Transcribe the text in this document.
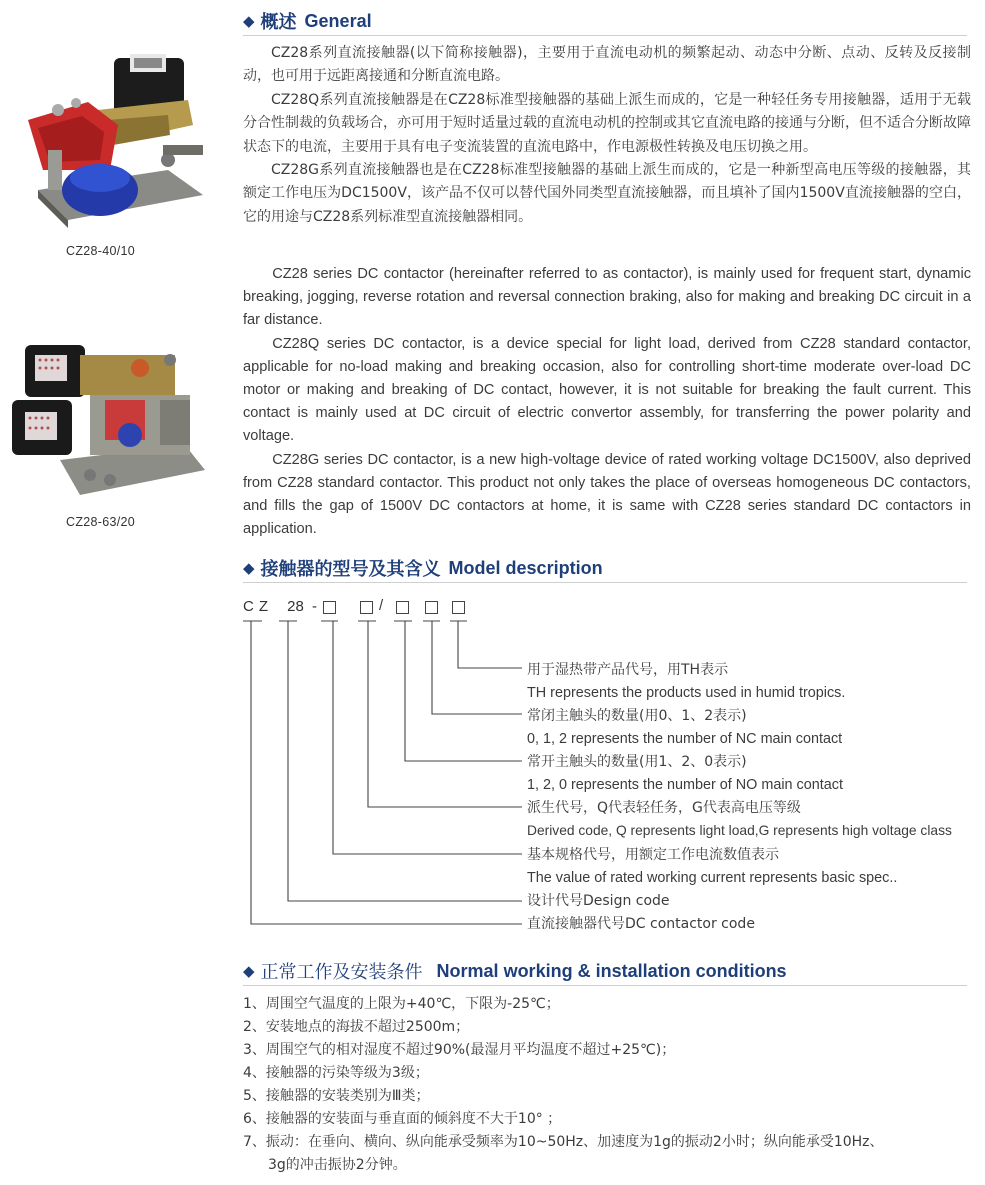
CZ28-40/10
CZ28-63/20
◆ 概述 General

CZ28系列直流接触器(以下简称接触器)，主要用于直流电动机的频繁起动、动态中分断、点动、反转及反接制动，也可用于远距离接通和分断直流电路。

CZ28Q系列直流接触器是在CZ28标准型接触器的基础上派生而成的，它是一种轻任务专用接触器，适用于无载分合性制裁的负载场合，亦可用于短时适量过载的直流电动机的控制或其它直流电路的接通与分断，但不适合分断故障状态下的电流，主要用于具有电子变流装置的直流电路中，作电源极性转换及电压切换之用。

CZ28G系列直流接触器也是在CZ28标准型接触器的基础上派生而成的，它是一种新型高电压等级的接触器，其额定工作电压为DC1500V，该产品不仅可以替代国外同类型直流接触器，而且填补了国内1500V直流接触器的空白，它的用途与CZ28系列标准型直流接触器相同。

CZ28 series DC contactor (hereinafter referred to as contactor), is mainly used for frequent start, dynamic breaking, jogging, reverse rotation and reversal connection braking, also for making and breaking DC circuit in a far distance.

CZ28Q series DC contactor, is a device special for light load, derived from CZ28 standard contactor, applicable for no-load making and breaking occasion, also for controlling short-time moderate over-load DC motor or making and breaking of DC contact, however, it is not suitable for breaking the fault current. This contact is mainly used at DC circuit of electric convertor assembly, for transferring the power polarity and voltage.

CZ28G series DC contactor, is a new high-voltage device of rated working voltage DC1500V, also deprived from CZ28 standard contactor. This product not only takes the place of overseas homogeneous DC contactors, and fills the gap of 1500V DC contactors at home, it is same with CZ28 series standard DC contactors in application.

◆ 接触器的型号及其含义 Model description
CZ 28 -	/
用于湿热带产品代号，用TH表示
TH represents the products used in humid tropics.
常闭主触头的数量(用0、1、2表示)
0, 1, 2 represents the number of NC main contact
常开主触头的数量(用1、2、0表示)
1, 2, 0 represents the number of NO main contact
派生代号，Q代表轻任务，G代表高电压等级
Derived code, Q represents light load,G represents high voltage class
基本规格代号，用额定工作电流数值表示
The value of rated working current represents basic spec..
设计代号Design code
直流接触器代号DC contactor code
◆ 正常工作及安装条件 Normal working & installation conditions
1、周围空气温度的上限为+40℃，下限为-25℃；
2、安装地点的海拔不超过2500m；
3、周围空气的相对湿度不超过90%(最湿月平均温度不超过+25℃)；
4、接触器的污染等级为3级；
5、接触器的安装类别为Ⅲ类；
6、接触器的安装面与垂直面的倾斜度不大于10° ；
7、振动：在垂向、横向、纵向能承受频率为10~50Hz、加速度为1g的振动2小时；纵向能承受10Hz、
3g的冲击振协2分钟。
